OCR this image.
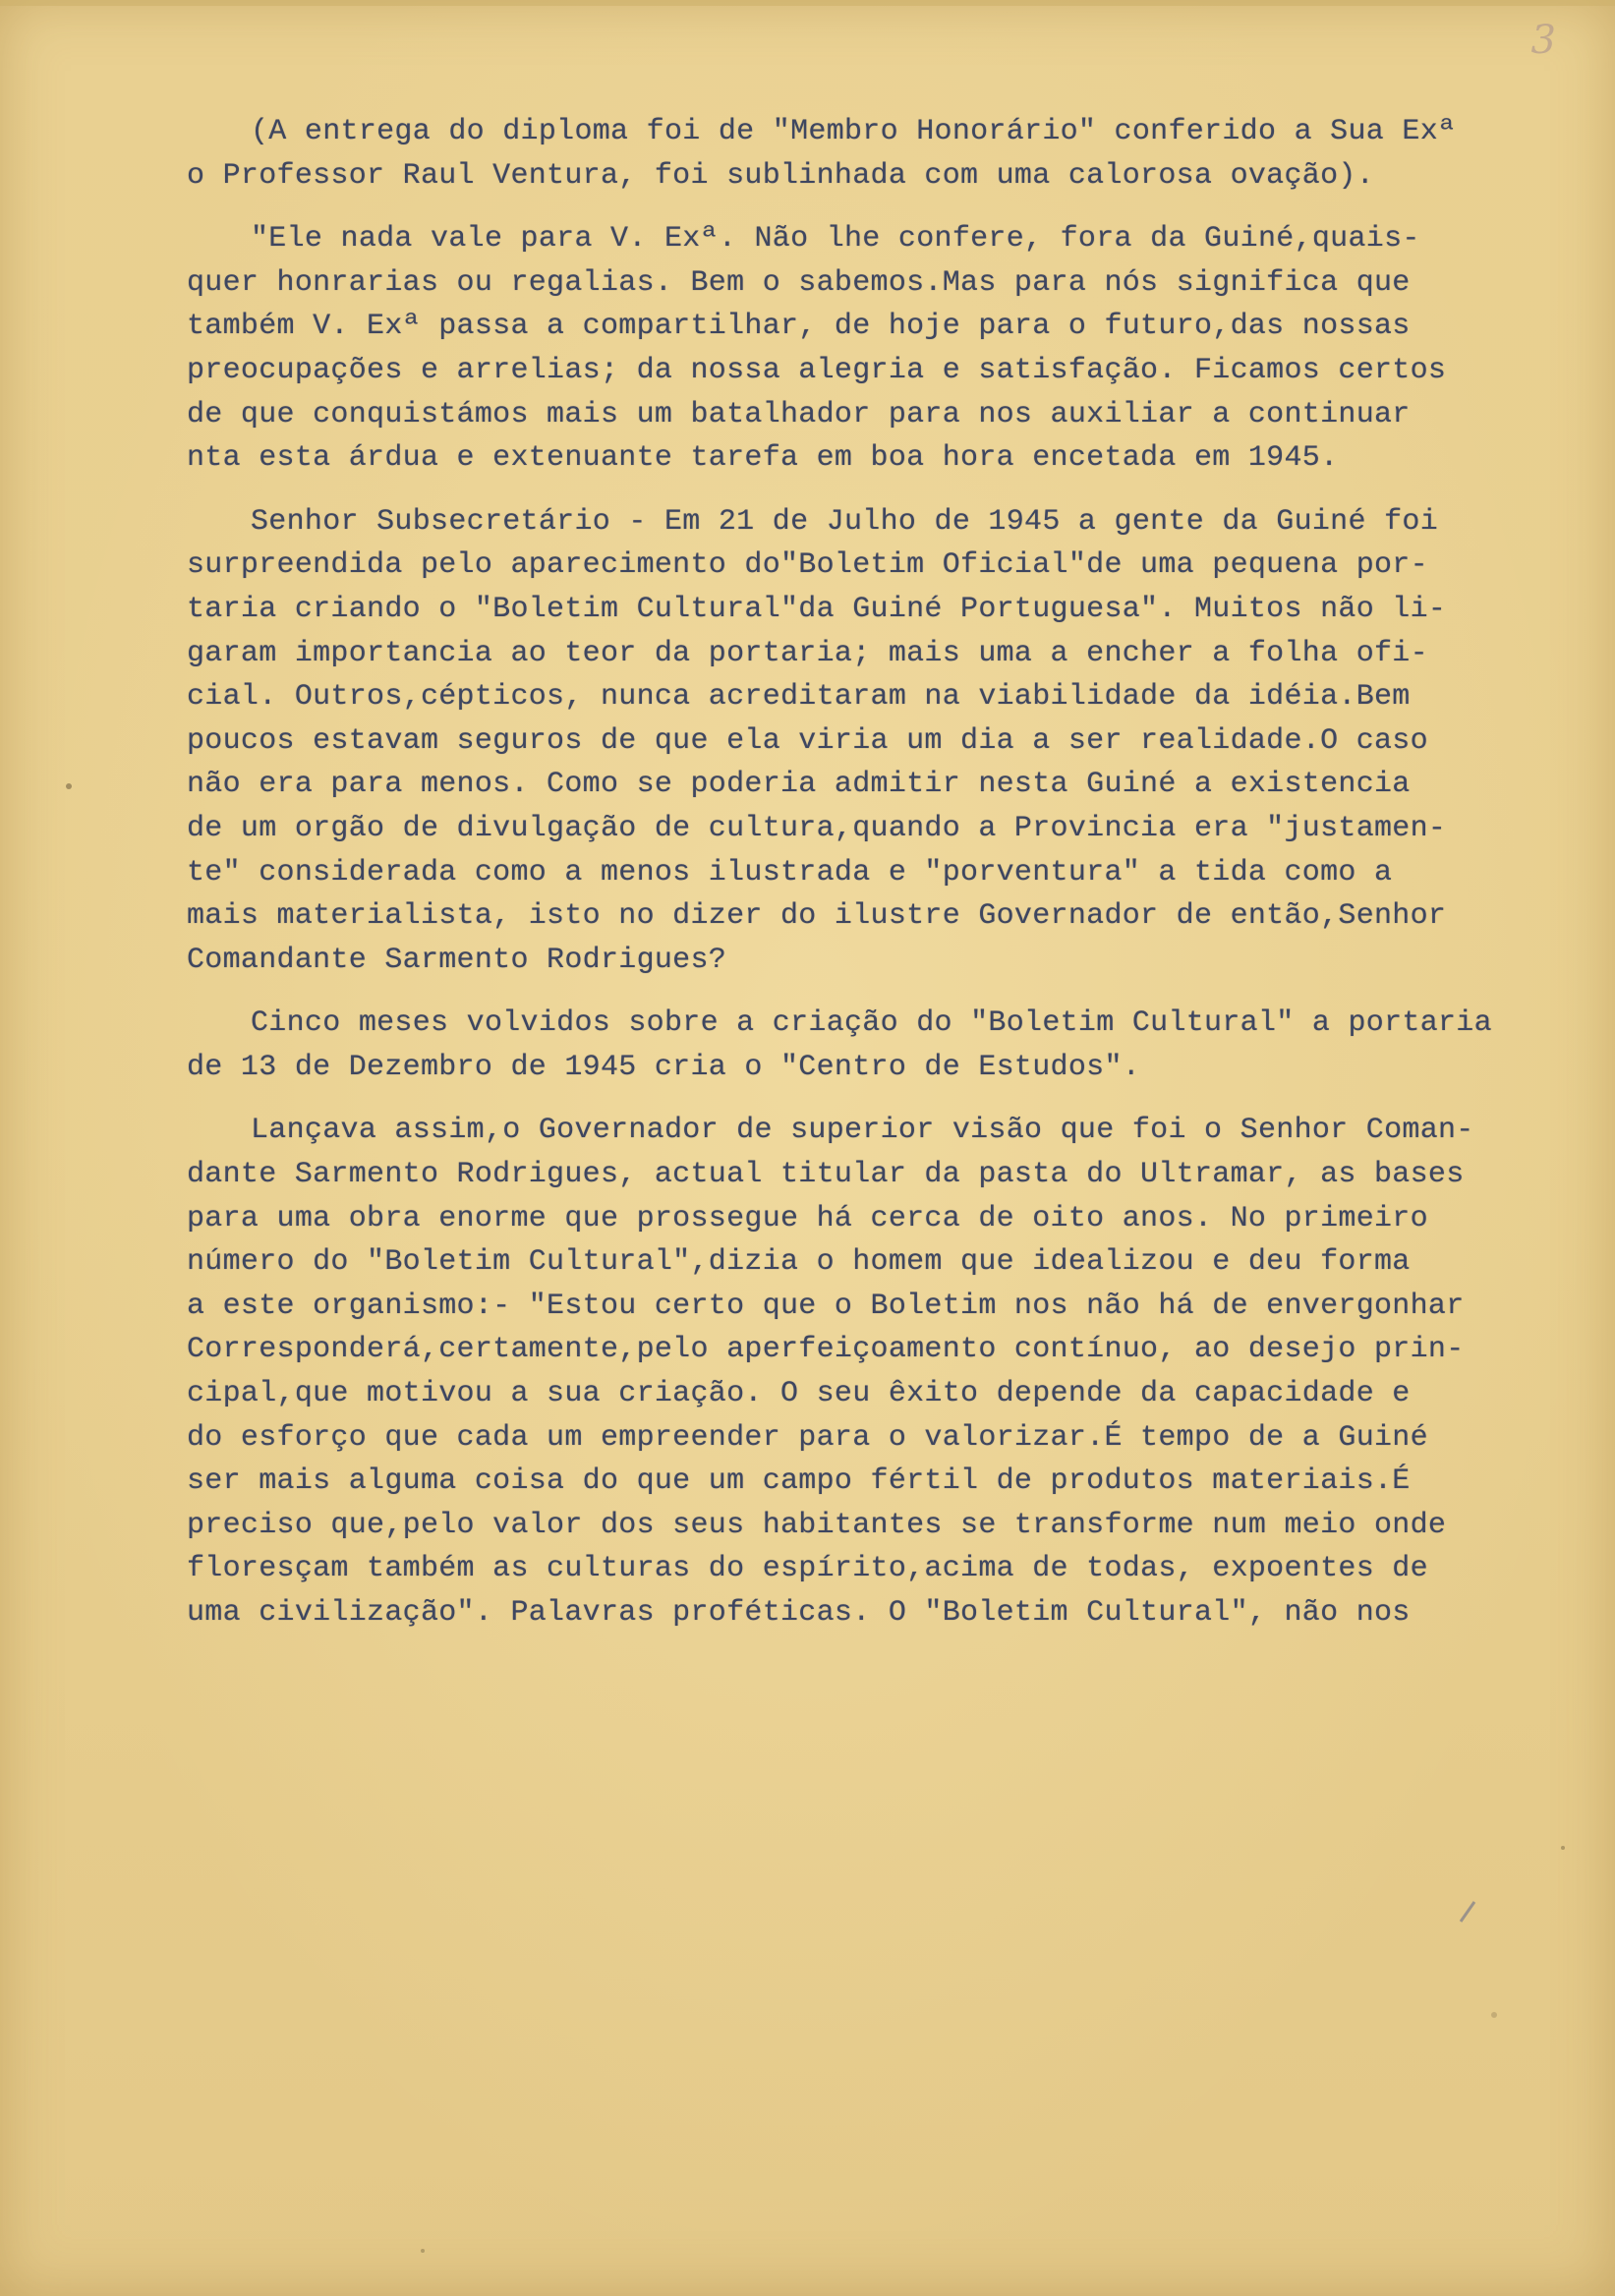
3

(A entrega do diploma foi de "Membro Honorário" conferido a Sua Exª
o Professor Raul Ventura, foi sublinhada com uma calorosa ovação).

"Ele nada vale para V. Exª. Não lhe confere, fora da Guiné,quais-
quer honrarias ou regalias. Bem o sabemos.Mas para nós significa que
também V. Exª passa a compartilhar, de hoje para o futuro,das nossas
preocupações e arrelias; da nossa alegria e satisfação. Ficamos certos
de que conquistámos mais um batalhador para nos auxiliar a continuar
nta esta árdua e extenuante tarefa em boa hora encetada em 1945.

Senhor Subsecretário - Em 21 de Julho de 1945 a gente da Guiné foi
surpreendida pelo aparecimento do"Boletim Oficial"de uma pequena por-
taria criando o "Boletim Cultural"da Guiné Portuguesa". Muitos não li-
garam importancia ao teor da portaria; mais uma a encher a folha ofi-
cial. Outros,cépticos, nunca acreditaram na viabilidade da idéia.Bem
poucos estavam seguros de que ela viria um dia a ser realidade.O caso
não era para menos. Como se poderia admitir nesta Guiné a existencia
de um orgão de divulgação de cultura,quando a Provincia era "justamen-
te" considerada como a menos ilustrada e "porventura" a tida como a
mais materialista, isto no dizer do ilustre Governador de então,Senhor
Comandante Sarmento Rodrigues?

Cinco meses volvidos sobre a criação do "Boletim Cultural" a portaria
de 13 de Dezembro de 1945 cria o "Centro de Estudos".

Lançava assim,o Governador de superior visão que foi o Senhor Coman-
dante Sarmento Rodrigues, actual titular da pasta do Ultramar, as bases
para uma obra enorme que prossegue há cerca de oito anos. No primeiro
número do "Boletim Cultural",dizia o homem que idealizou e deu forma
a este organismo:- "Estou certo que o Boletim nos não há de envergonhar
Corresponderá,certamente,pelo aperfeiçoamento contínuo, ao desejo prin-
cipal,que motivou a sua criação. O seu êxito depende da capacidade e
do esforço que cada um empreender para o valorizar.É tempo de a Guiné
ser mais alguma coisa do que um campo fértil de produtos materiais.É
preciso que,pelo valor dos seus habitantes se transforme num meio onde
floresçam também as culturas do espírito,acima de todas, expoentes de
uma civilização". Palavras proféticas. O "Boletim Cultural", não nos
